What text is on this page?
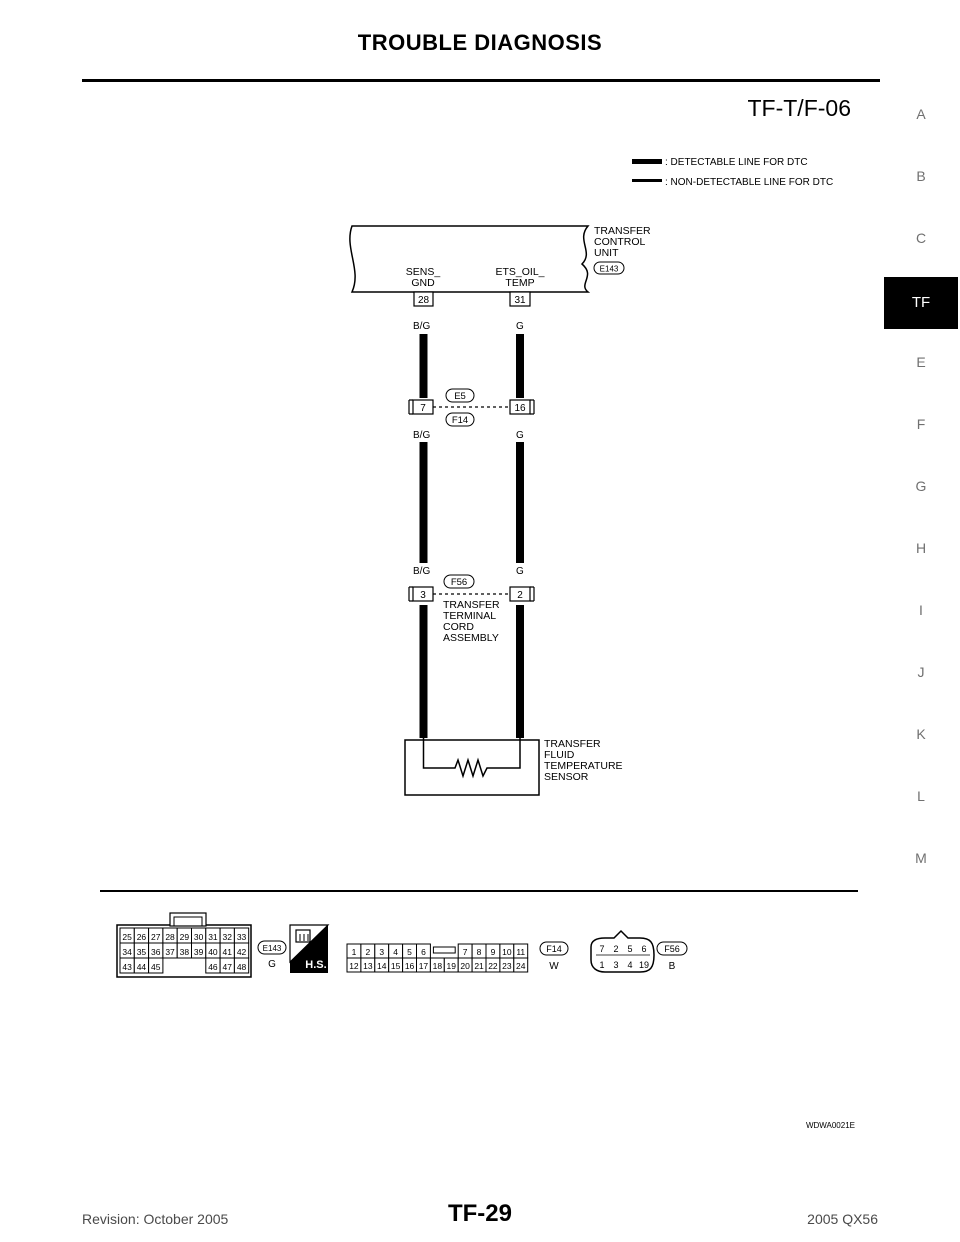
TROUBLE DIAGNOSIS
A
B
C
TF
E
F
G
H
I
J
K
L
M
TF-T/F-06
: DETECTABLE LINE FOR DTC
: NON-DETECTABLE LINE FOR DTC
TRANSFER
CONTROL
UNIT
E143
SENS_
GND
ETS_OIL_
TEMP
28	31
B/G	G
B/G	G
B/G	G
7	16
E5
F14
3	2
F56
TRANSFER
TERMINAL
CORD
ASSEMBLY
TRANSFER
FLUID
TEMPERATURE
SENSOR
25 26 27 28 29 30 31 32 33
34 35 36 37 38 39 40 41 42
43 44 45	46 47 48
E143
G	H.S.
1 2 3 4 5 6	7 8 9 10 11
12 13 14 15 16 17 18 19 20 21 22 23 24
F14
W
7 2 5 6
1 3 4 19
F56
B
WDWA0021E
Revision: October 2005	TF-29	2005 QX56
